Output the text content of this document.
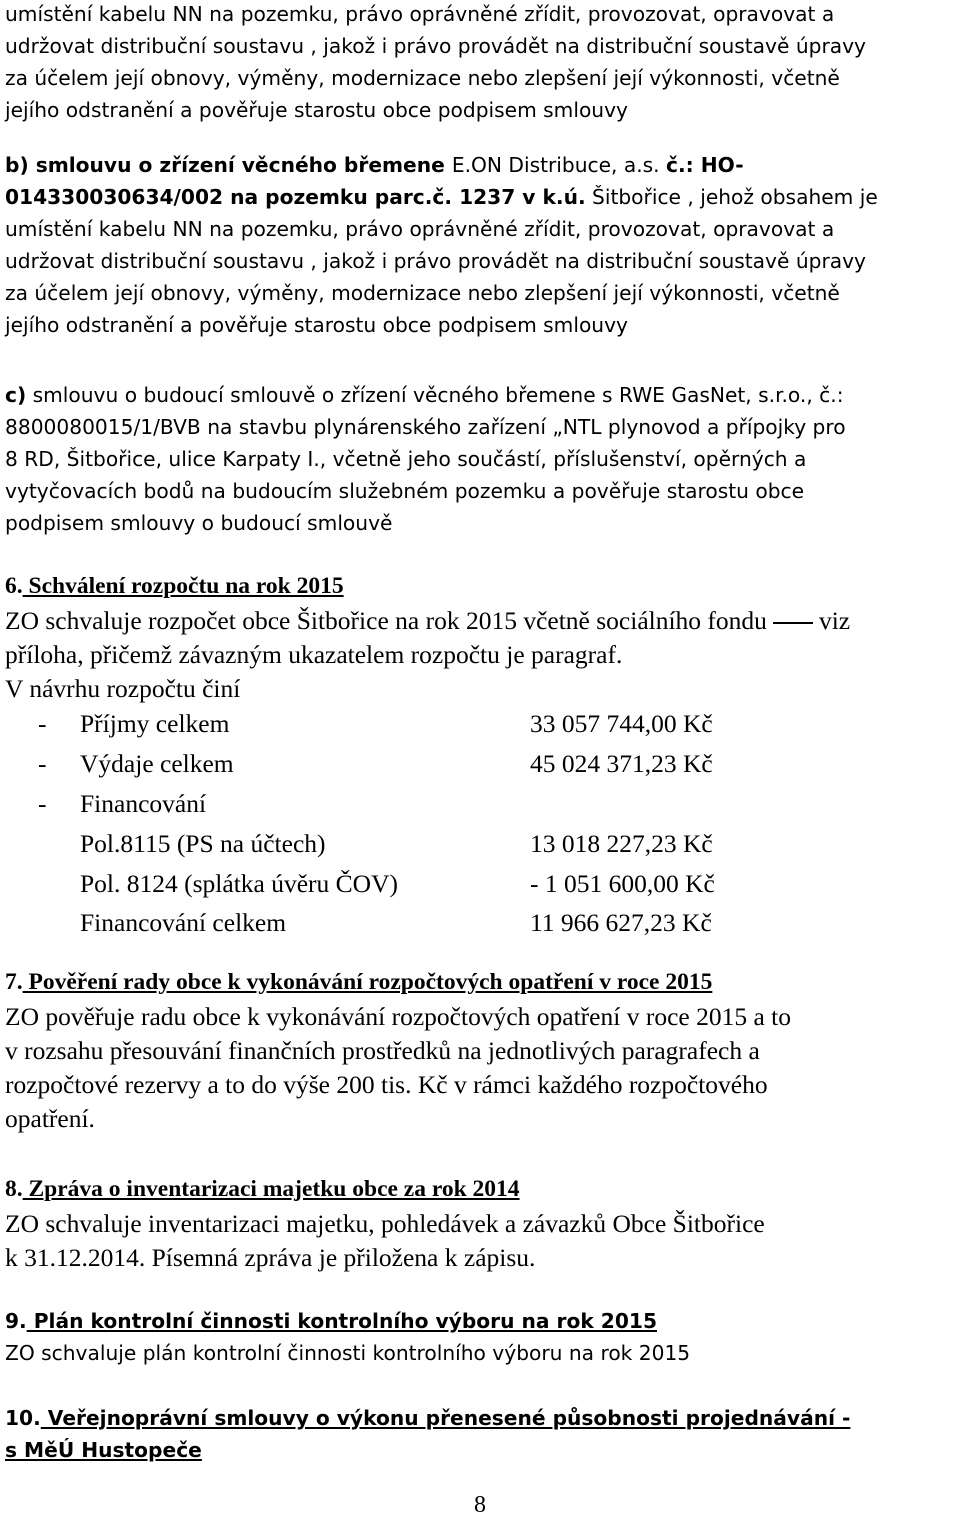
umístění kabelu NN na pozemku, právo oprávněné zřídit, provozovat, opravovat a
udržovat distribuční soustavu , jakož i právo provádět na distribuční soustavě úpravy
za účelem její obnovy, výměny, modernizace nebo zlepšení její výkonnosti, včetně
jejího odstranění a pověřuje starostu obce podpisem smlouvy
b) smlouvu o zřízení věcného břemene E.ON Distribuce, a.s. č.: HO-
014330030634/002 na pozemku parc.č. 1237 v k.ú. Šitbořice , jehož obsahem je
umístění kabelu NN na pozemku, právo oprávněné zřídit, provozovat, opravovat a
udržovat distribuční soustavu , jakož i právo provádět na distribuční soustavě úpravy
za účelem její obnovy, výměny, modernizace nebo zlepšení její výkonnosti, včetně
jejího odstranění a pověřuje starostu obce podpisem smlouvy
c) smlouvu o budoucí smlouvě o zřízení věcného břemene s RWE GasNet, s.r.o., č.:
8800080015/1/BVB na stavbu plynárenského zařízení „NTL plynovod a přípojky pro
8 RD, Šitbořice, ulice Karpaty I., včetně jeho součástí, příslušenství, opěrných a
vytyčovacích bodů na budoucím služebném pozemku a pověřuje starostu obce
podpisem smlouvy o budoucí smlouvě
6. Schválení rozpočtu na rok 2015
ZO schvaluje rozpočet obce Šitbořice na rok 2015 včetně sociálního fondu viz
příloha, přičemž závazným ukazatelem rozpočtu je paragraf.
V návrhu rozpočtu činí
- Příjmy celkem	33 057 744,00 Kč
- Výdaje celkem	45 024 371,23 Kč
- Financování
Pol.8115 (PS na účtech)	13 018 227,23 Kč
Pol. 8124 (splátka úvěru ČOV)	- 1 051 600,00 Kč
Financování celkem	11 966 627,23 Kč
7. Pověření rady obce k vykonávání rozpočtových opatření v roce 2015
ZO pověřuje radu obce k vykonávání rozpočtových opatření v roce 2015 a to
v rozsahu přesouvání finančních prostředků na jednotlivých paragrafech a
rozpočtové rezervy a to do výše 200 tis. Kč v rámci každého rozpočtového
opatření.
8. Zpráva o inventarizaci majetku obce za rok 2014
ZO schvaluje inventarizaci majetku, pohledávek a závazků Obce Šitbořice
k 31.12.2014. Písemná zpráva je přiložena k zápisu.
9. Plán kontrolní činnosti kontrolního výboru na rok 2015
ZO schvaluje plán kontrolní činnosti kontrolního výboru na rok 2015
10. Veřejnoprávní smlouvy o výkonu přenesené působnosti projednávání -
s MěÚ Hustopeče
8
